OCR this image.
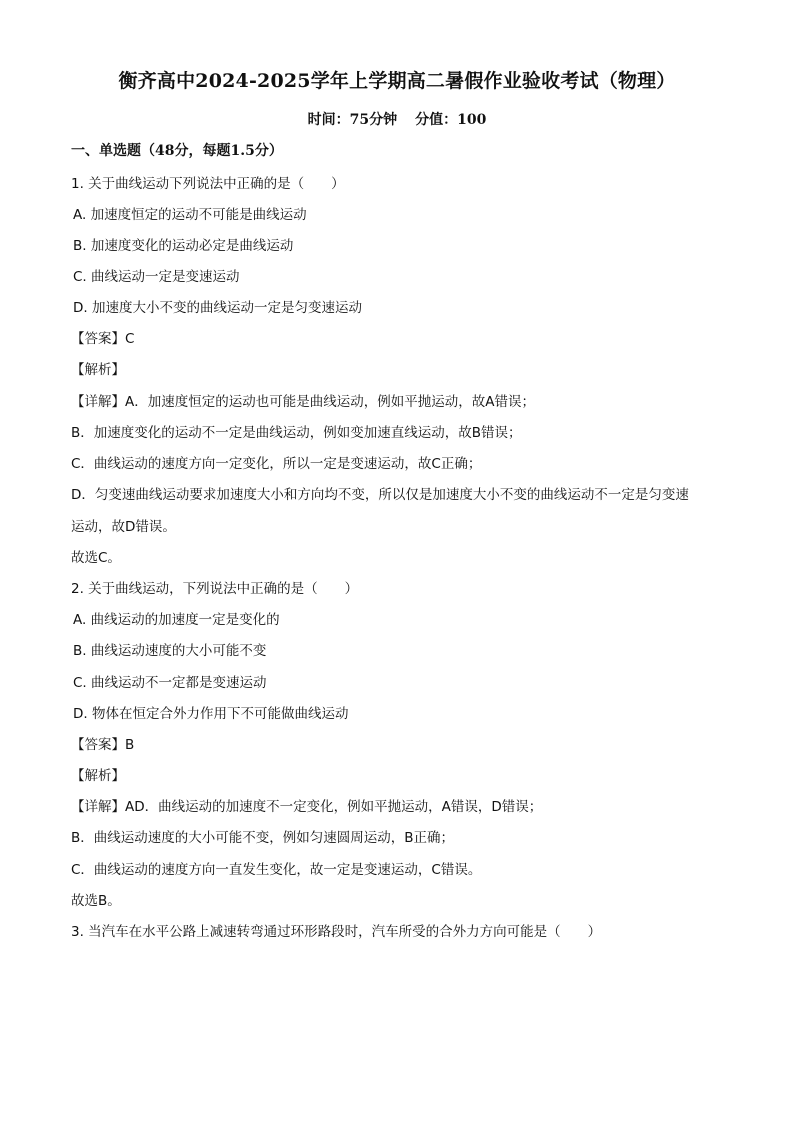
衡齐高中2024-2025学年上学期高二暑假作业验收考试（物理）
时间：75分钟 分值：100
一、单选题（48分，每题1.5分）
1. 关于曲线运动下列说法中正确的是（　　）
A. 加速度恒定的运动不可能是曲线运动
B. 加速度变化的运动必定是曲线运动
C. 曲线运动一定是变速运动
D. 加速度大小不变的曲线运动一定是匀变速运动
【答案】C
【解析】
【详解】A．加速度恒定的运动也可能是曲线运动，例如平抛运动，故A错误；
B．加速度变化的运动不一定是曲线运动，例如变加速直线运动，故B错误；
C．曲线运动的速度方向一定变化，所以一定是变速运动，故C正确；
D．匀变速曲线运动要求加速度大小和方向均不变，所以仅是加速度大小不变的曲线运动不一定是匀变速
运动，故D错误。
故选C。
2. 关于曲线运动，下列说法中正确的是（　　）
A. 曲线运动的加速度一定是变化的
B. 曲线运动速度的大小可能不变
C. 曲线运动不一定都是变速运动
D. 物体在恒定合外力作用下不可能做曲线运动
【答案】B
【解析】
【详解】AD．曲线运动的加速度不一定变化，例如平抛运动，A错误，D错误；
B．曲线运动速度的大小可能不变，例如匀速圆周运动，B正确；
C．曲线运动的速度方向一直发生变化，故一定是变速运动，C错误。
故选B。
3. 当汽车在水平公路上减速转弯通过环形路段时，汽车所受的合外力方向可能是（　　）
